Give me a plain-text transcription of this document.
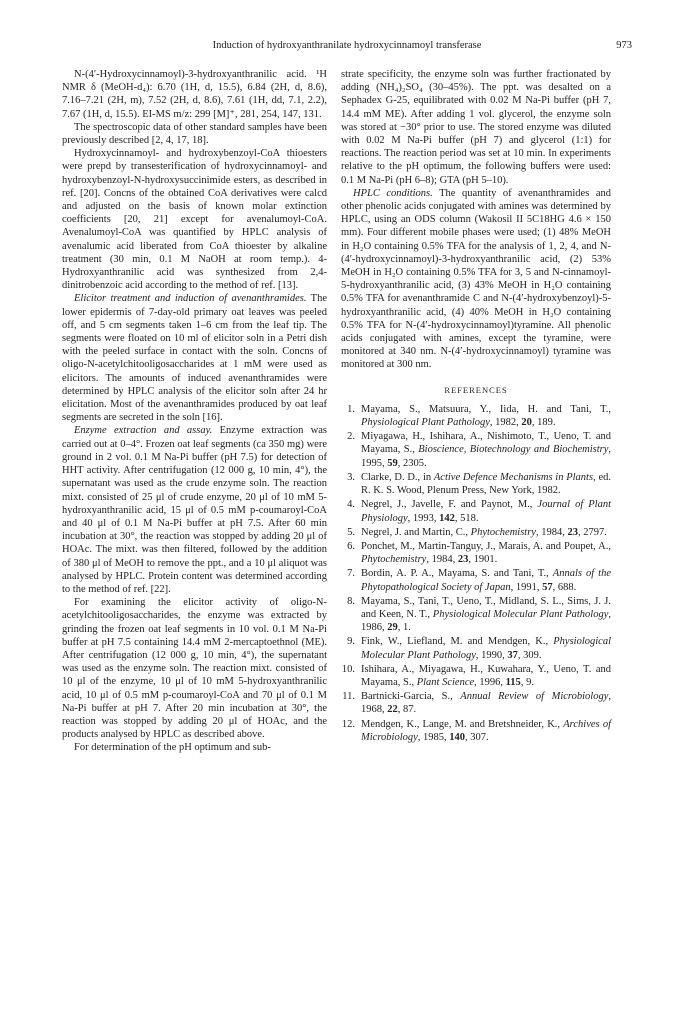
Induction of hydroxyanthranilate hydroxycinnamoyl transferase	973

N-(4′-Hydroxycinnamoyl)-3-hydroxyanthranilic acid. ¹H NMR δ (MeOH-d₄): 6.70 (1H, d, 15.5), 6.84 (2H, d, 8.6), 7.16–7.21 (2H, m), 7.52 (2H, d, 8.6), 7.61 (1H, dd, 7.1, 2.2), 7.67 (1H, d, 15.5). EI-MS m/z: 299 [M]⁺, 281, 254, 147, 131.

The spectroscopic data of other standard samples have been previously described [2, 4, 17, 18].

Hydroxycinnamoyl- and hydroxybenzoyl-CoA thioesters were prepd by transesterification of hydroxycinnamoyl- and hydroxybenzoyl-N-hydroxysuccinimide esters, as described in ref. [20]. Concns of the obtained CoA derivatives were calcd and adjusted on the basis of known molar extinction coefficients [20, 21] except for avenalumoyl-CoA. Avenalumoyl-CoA was quantified by HPLC analysis of avenalumic acid liberated from CoA thioester by alkaline treatment (30 min, 0.1 M NaOH at room temp.). 4-Hydroxyanthranilic acid was synthesized from 2,4-dinitrobenzoic acid according to the method of ref. [13].

Elicitor treatment and induction of avenanthramides. The lower epidermis of 7-day-old primary oat leaves was peeled off, and 5 cm segments taken 1–6 cm from the leaf tip. The segments were floated on 10 ml of elicitor soln in a Petri dish with the peeled surface in contact with the soln. Concns of oligo-N-acetylchitooligosaccharides at 1 mM were used as elicitors. The amounts of induced avenanthramides were determined by HPLC analysis of the elicitor soln after 24 hr elicitation. Most of the avenanthramides produced by oat leaf segments are secreted in the soln [16].

Enzyme extraction and assay. Enzyme extraction was carried out at 0–4°. Frozen oat leaf segments (ca 350 mg) were ground in 2 vol. 0.1 M Na-Pi buffer (pH 7.5) for detection of HHT activity. After centrifugation (12 000 g, 10 min, 4°), the supernatant was used as the crude enzyme soln. The reaction mixt. consisted of 25 μl of crude enzyme, 20 μl of 10 mM 5-hydroxyanthranilic acid, 15 μl of 0.5 mM p-coumaroyl-CoA and 40 μl of 0.1 M Na-Pi buffer at pH 7.5. After 60 min incubation at 30°, the reaction was stopped by adding 20 μl of HOAc. The mixt. was then filtered, followed by the addition of 380 μl of MeOH to remove the ppt., and a 10 μl aliquot was analysed by HPLC. Protein content was determined according to the method of ref. [22].

For examining the elicitor activity of oligo-N-acetylchitooligosaccharides, the enzyme was extracted by grinding the frozen oat leaf segments in 10 vol. 0.1 M Na-Pi buffer at pH 7.5 containing 14.4 mM 2-mercaptoethnol (ME). After centrifugation (12 000 g, 10 min, 4°), the supernatant was used as the enzyme soln. The reaction mixt. consisted of 10 μl of the enzyme, 10 μl of 10 mM 5-hydroxyanthranilic acid, 10 μl of 0.5 mM p-coumaroyl-CoA and 70 μl of 0.1 M Na-Pi buffer at pH 7. After 20 min incubation at 30°, the reaction was stopped by adding 20 μl of HOAc, and the products analysed by HPLC as described above.

For determination of the pH optimum and sub-

strate specificity, the enzyme soln was further fractionated by adding (NH₄)₂SO₄ (30–45%). The ppt. was desalted on a Sephadex G-25, equilibrated with 0.02 M Na-Pi buffer (pH 7, 14.4 mM ME). After adding 1 vol. glycerol, the enzyme soln was stored at −30° prior to use. The stored enzyme was diluted with 0.02 M Na-Pi buffer (pH 7) and glycerol (1:1) for reactions. The reaction period was set at 10 min. In experiments relative to the pH optimum, the following buffers were used: 0.1 M Na-Pi (pH 6–8); GTA (pH 5–10).

HPLC conditions. The quantity of avenanthramides and other phenolic acids conjugated with amines was determined by HPLC, using an ODS column (Wakosil II 5C18HG 4.6 × 150 mm). Four different mobile phases were used; (1) 48% MeOH in H₂O containing 0.5% TFA for the analysis of 1, 2, 4, and N-(4′-hydroxycinnamoyl)-3-hydroxyanthranilic acid, (2) 53% MeOH in H₂O containing 0.5% TFA for 3, 5 and N-cinnamoyl-5-hydroxyanthranilic acid, (3) 43% MeOH in H₂O containing 0.5% TFA for avenanthramide C and N-(4′-hydroxybenzoyl)-5-hydroxyanthranilic acid, (4) 40% MeOH in H₂O containing 0.5% TFA for N-(4′-hydroxycinnamoyl)tyramine. All phenolic acids conjugated with amines, except the tyramine, were monitored at 340 nm. N-(4′-hydroxycinnamoyl) tyramine was monitored at 300 nm.

REFERENCES
1. Mayama, S., Matsuura, Y., Iida, H. and Tani, T., Physiological Plant Pathology, 1982, 20, 189.
2. Miyagawa, H., Ishihara, A., Nishimoto, T., Ueno, T. and Mayama, S., Bioscience, Biotechnology and Biochemistry, 1995, 59, 2305.
3. Clarke, D. D., in Active Defence Mechanisms in Plants, ed. R. K. S. Wood, Plenum Press, New York, 1982.
4. Negrel, J., Javelle, F. and Paynot, M., Journal of Plant Physiology, 1993, 142, 518.
5. Negrel, J. and Martin, C., Phytochemistry, 1984, 23, 2797.
6. Ponchet, M., Martin-Tanguy, J., Marais, A. and Poupet, A., Phytochemistry, 1984, 23, 1901.
7. Bordin, A. P. A., Mayama, S. and Tani, T., Annals of the Phytopathological Society of Japan, 1991, 57, 688.
8. Mayama, S., Tani, T., Ueno, T., Midland, S. L., Sims, J. J. and Keen, N. T., Physiological Molecular Plant Pathology, 1986, 29, 1.
9. Fink, W., Liefland, M. and Mendgen, K., Physiological Molecular Plant Pathology, 1990, 37, 309.
10. Ishihara, A., Miyagawa, H., Kuwahara, Y., Ueno, T. and Mayama, S., Plant Science, 1996, 115, 9.
11. Bartnicki-Garcia, S., Annual Review of Microbiology, 1968, 22, 87.
12. Mendgen, K., Lange, M. and Bretshneider, K., Archives of Microbiology, 1985, 140, 307.
